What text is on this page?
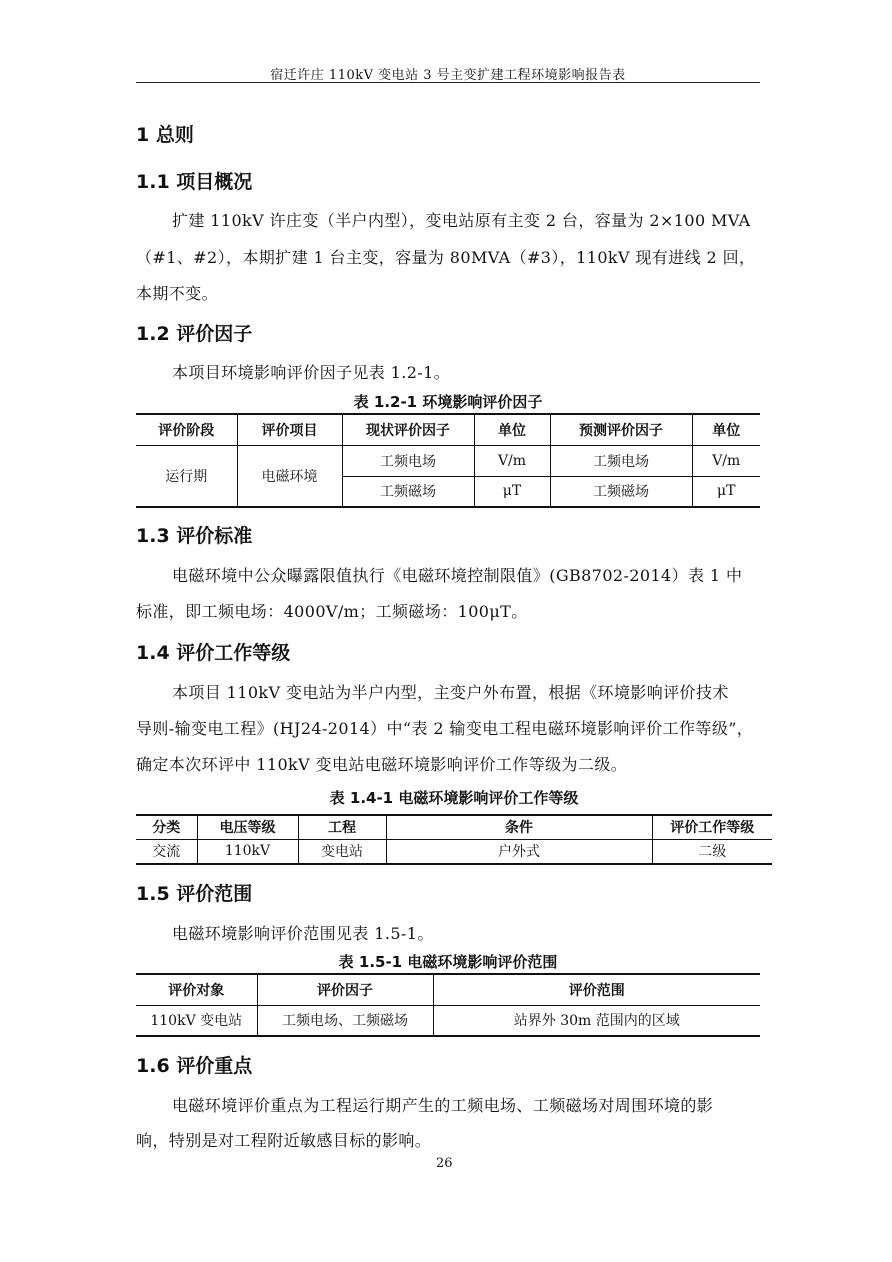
宿迁许庄 110kV 变电站 3 号主变扩建工程环境影响报告表
1 总则
1.1 项目概况
扩建 110kV 许庄变（半户内型），变电站原有主变 2 台，容量为 2×100 MVA
（#1、#2），本期扩建 1 台主变，容量为 80MVA（#3），110kV 现有进线 2 回，
本期不变。
1.2 评价因子
本项目环境影响评价因子见表 1.2-1。
表 1.2-1 环境影响评价因子
评价阶段	评价项目	现状评价因子	单位	预测评价因子	单位
运行期	电磁环境	工频电场	V/m	工频电场	V/m
		工频磁场	μT	工频磁场	μT
1.3 评价标准
电磁环境中公众曝露限值执行《电磁环境控制限值》(GB8702-2014）表 1 中
标准，即工频电场：4000V/m；工频磁场：100μT。
1.4 评价工作等级
本项目 110kV 变电站为半户内型，主变户外布置，根据《环境影响评价技术
导则-输变电工程》(HJ24-2014）中“表 2 输变电工程电磁环境影响评价工作等级”，
确定本次环评中 110kV 变电站电磁环境影响评价工作等级为二级。
表 1.4-1 电磁环境影响评价工作等级
分类	电压等级	工程	条件	评价工作等级
交流	110kV	变电站	户外式	二级
1.5 评价范围
电磁环境影响评价范围见表 1.5-1。
表 1.5-1 电磁环境影响评价范围
评价对象	评价因子	评价范围
110kV 变电站	工频电场、工频磁场	站界外 30m 范围内的区域
1.6 评价重点
电磁环境评价重点为工程运行期产生的工频电场、工频磁场对周围环境的影
响，特别是对工程附近敏感目标的影响。
26
